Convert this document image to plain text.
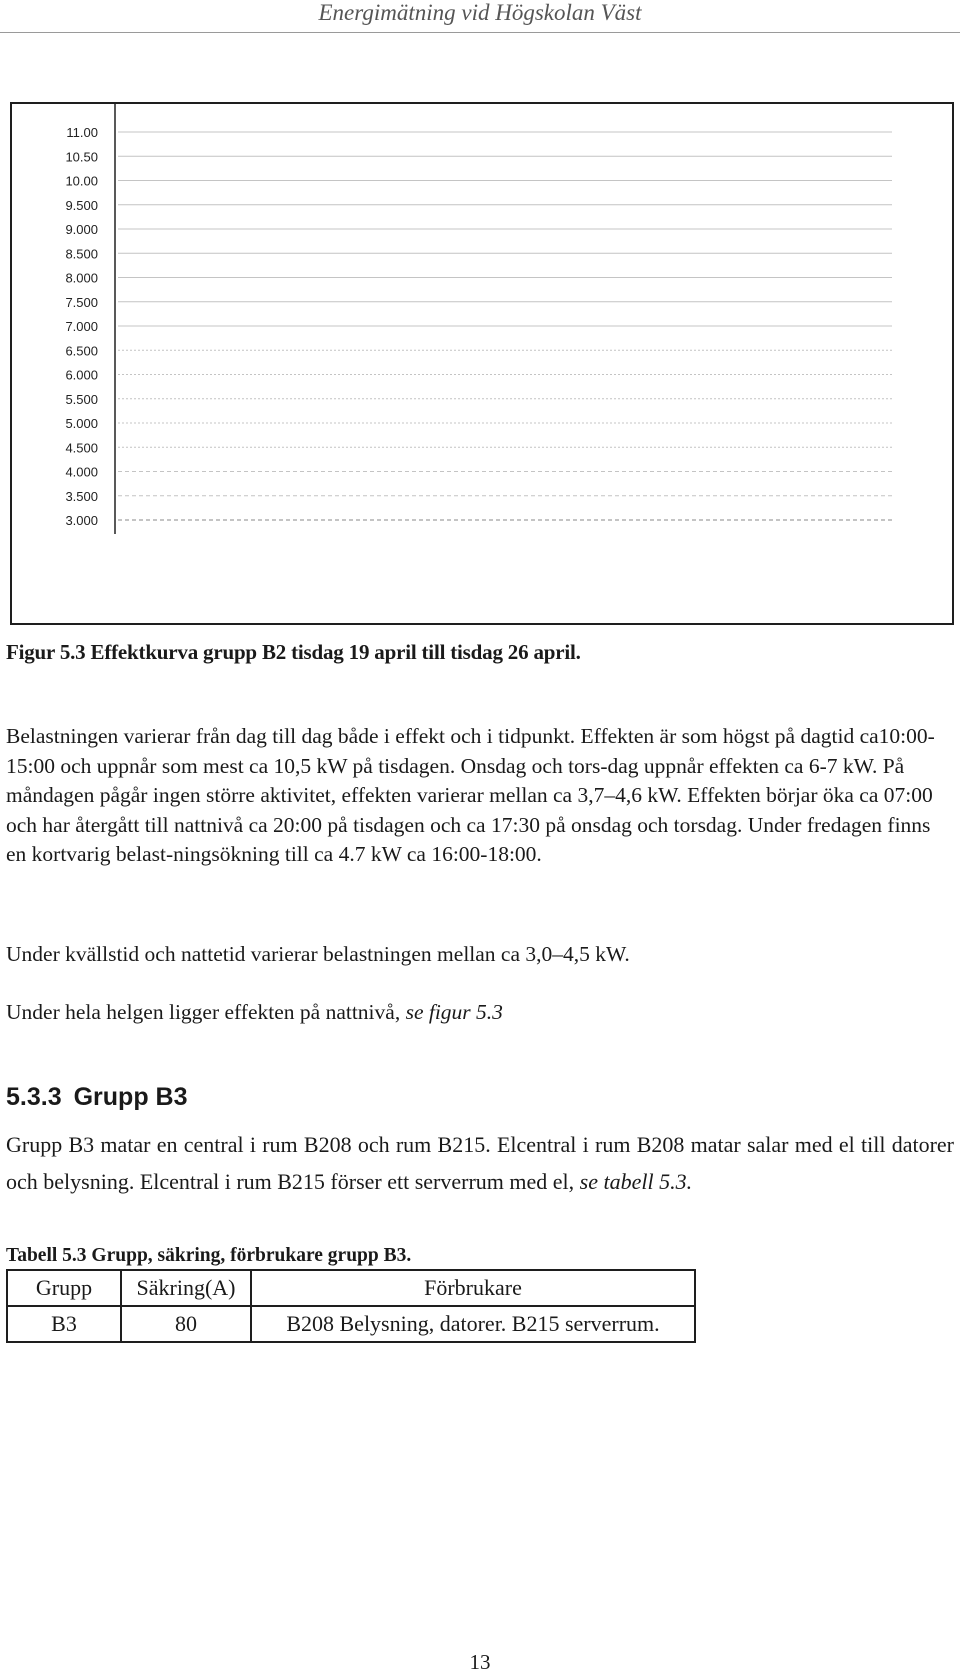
Energimätning vid Högskolan Väst
11.00
10.50
10.00
9.500
9.000
8.500
8.000
7.500
7.000
6.500
6.000
5.500
5.000
4.500
4.000
3.500
3.000
Figur 5.3 Effektkurva grupp B2 tisdag 19 april till tisdag 26 april.

Belastningen varierar från dag till dag både i effekt och i tidpunkt. Effekten är som högst på dagtid ca10:00- 15:00 och uppnår som mest ca 10,5 kW på tisdagen. Onsdag och tors-dag uppnår effekten ca 6-7 kW. På måndagen pågår ingen större aktivitet, effekten varierar mellan ca 3,7–4,6 kW. Effekten börjar öka ca 07:00 och har återgått till nattnivå ca 20:00 på tisdagen och ca 17:30 på onsdag och torsdag. Under fredagen finns en kortvarig belast-ningsökning till ca 4.7 kW ca 16:00-18:00.

Under kvällstid och nattetid varierar belastningen mellan ca 3,0–4,5 kW.

Under hela helgen ligger effekten på nattnivå, se figur 5.3

5.3.3 Grupp B3

Grupp B3 matar en central i rum B208 och rum B215. Elcentral i rum B208 matar salar med el till datorer och belysning. Elcentral i rum B215 förser ett serverrum med el, se tabell 5.3.

Tabell 5.3 Grupp, säkring, förbrukare grupp B3.
Grupp	Säkring(A)	Förbrukare
B3	80	B208 Belysning, datorer. B215 serverrum.
13
